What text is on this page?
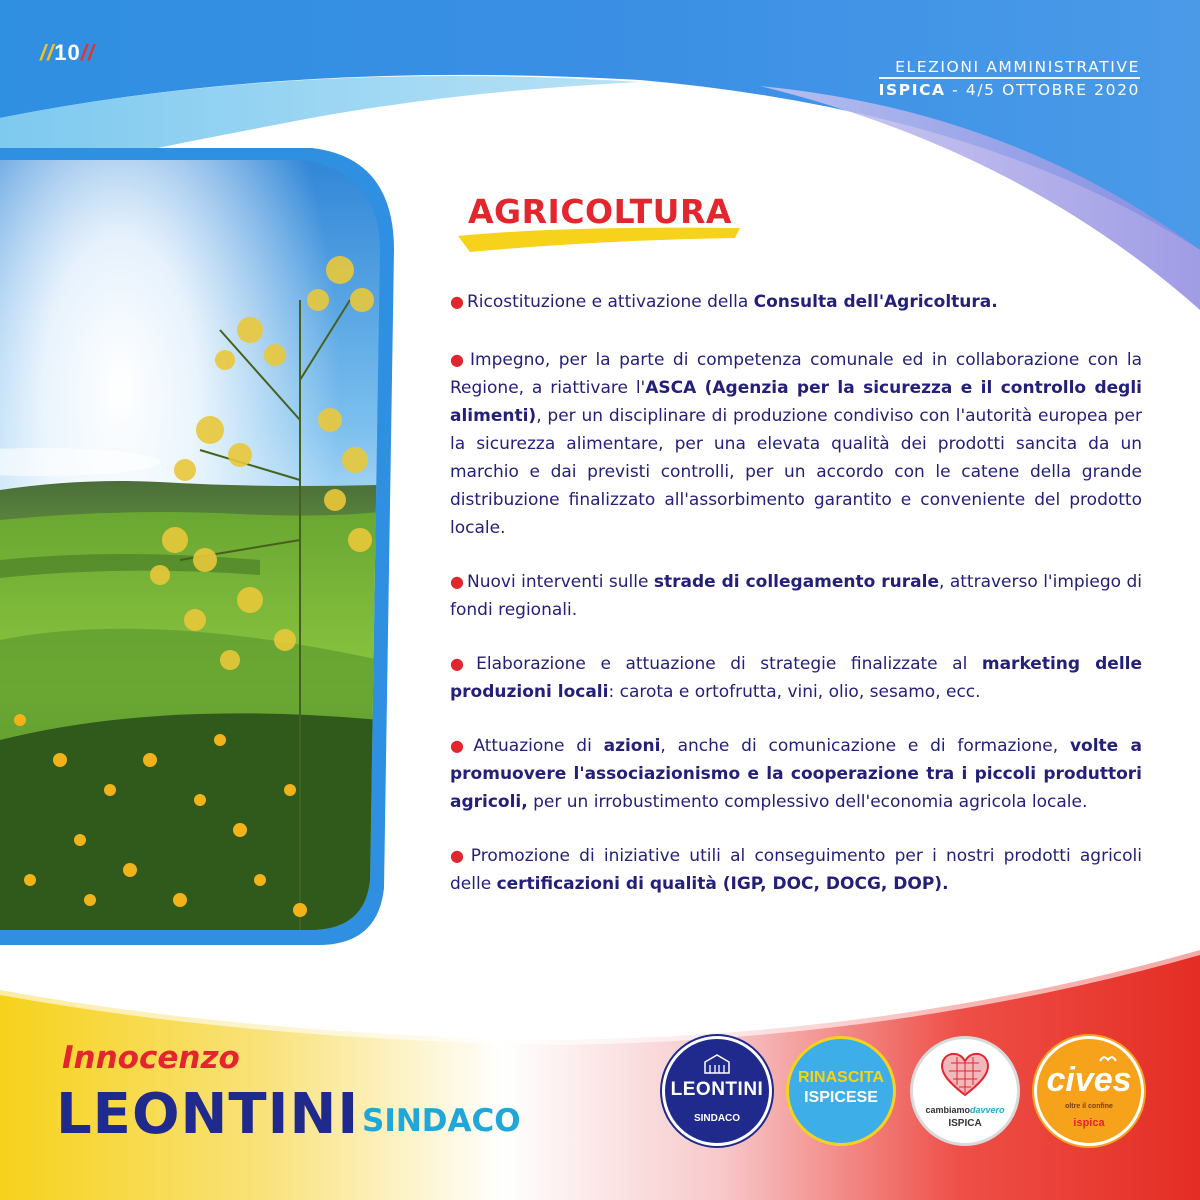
//10//
ELEZIONI AMMINISTRATIVE
ISPICA - 4/5 OTTOBRE 2020
AGRICOLTURA
● Ricostituzione e attivazione della Consulta dell'Agricoltura.
● Impegno, per la parte di competenza comunale ed in collaborazione con la Regione, a riattivare l'ASCA (Agenzia per la sicurezza e il controllo degli alimenti), per un disciplinare di produzione condiviso con l'autorità europea per la sicurezza alimentare, per una elevata qualità dei prodotti sancita da un marchio e dai previsti controlli, per un accordo con le catene della grande distribuzione finalizzato all'assorbimento garantito e conveniente del prodotto locale.
● Nuovi interventi sulle strade di collegamento rurale, attraverso l'impiego di fondi regionali.
● Elaborazione e attuazione di strategie finalizzate al marketing delle produzioni locali: carota e ortofrutta, vini, olio, sesamo, ecc.
● Attuazione di azioni, anche di comunicazione e di formazione, volte a promuovere l'associazionismo e la cooperazione tra i piccoli produttori agricoli, per un irrobustimento complessivo dell'economia agricola locale.
● Promozione di iniziative utili al conseguimento per i nostri prodotti agricoli delle certificazioni di qualità (IGP, DOC, DOCG, DOP).
Innocenzo
LEONTINI SINDACO
LEONTINI
SINDACO
RINASCITA
ISPICESE
cambiamodavvero
ISPICA
cives
oltre il confine
ispica
